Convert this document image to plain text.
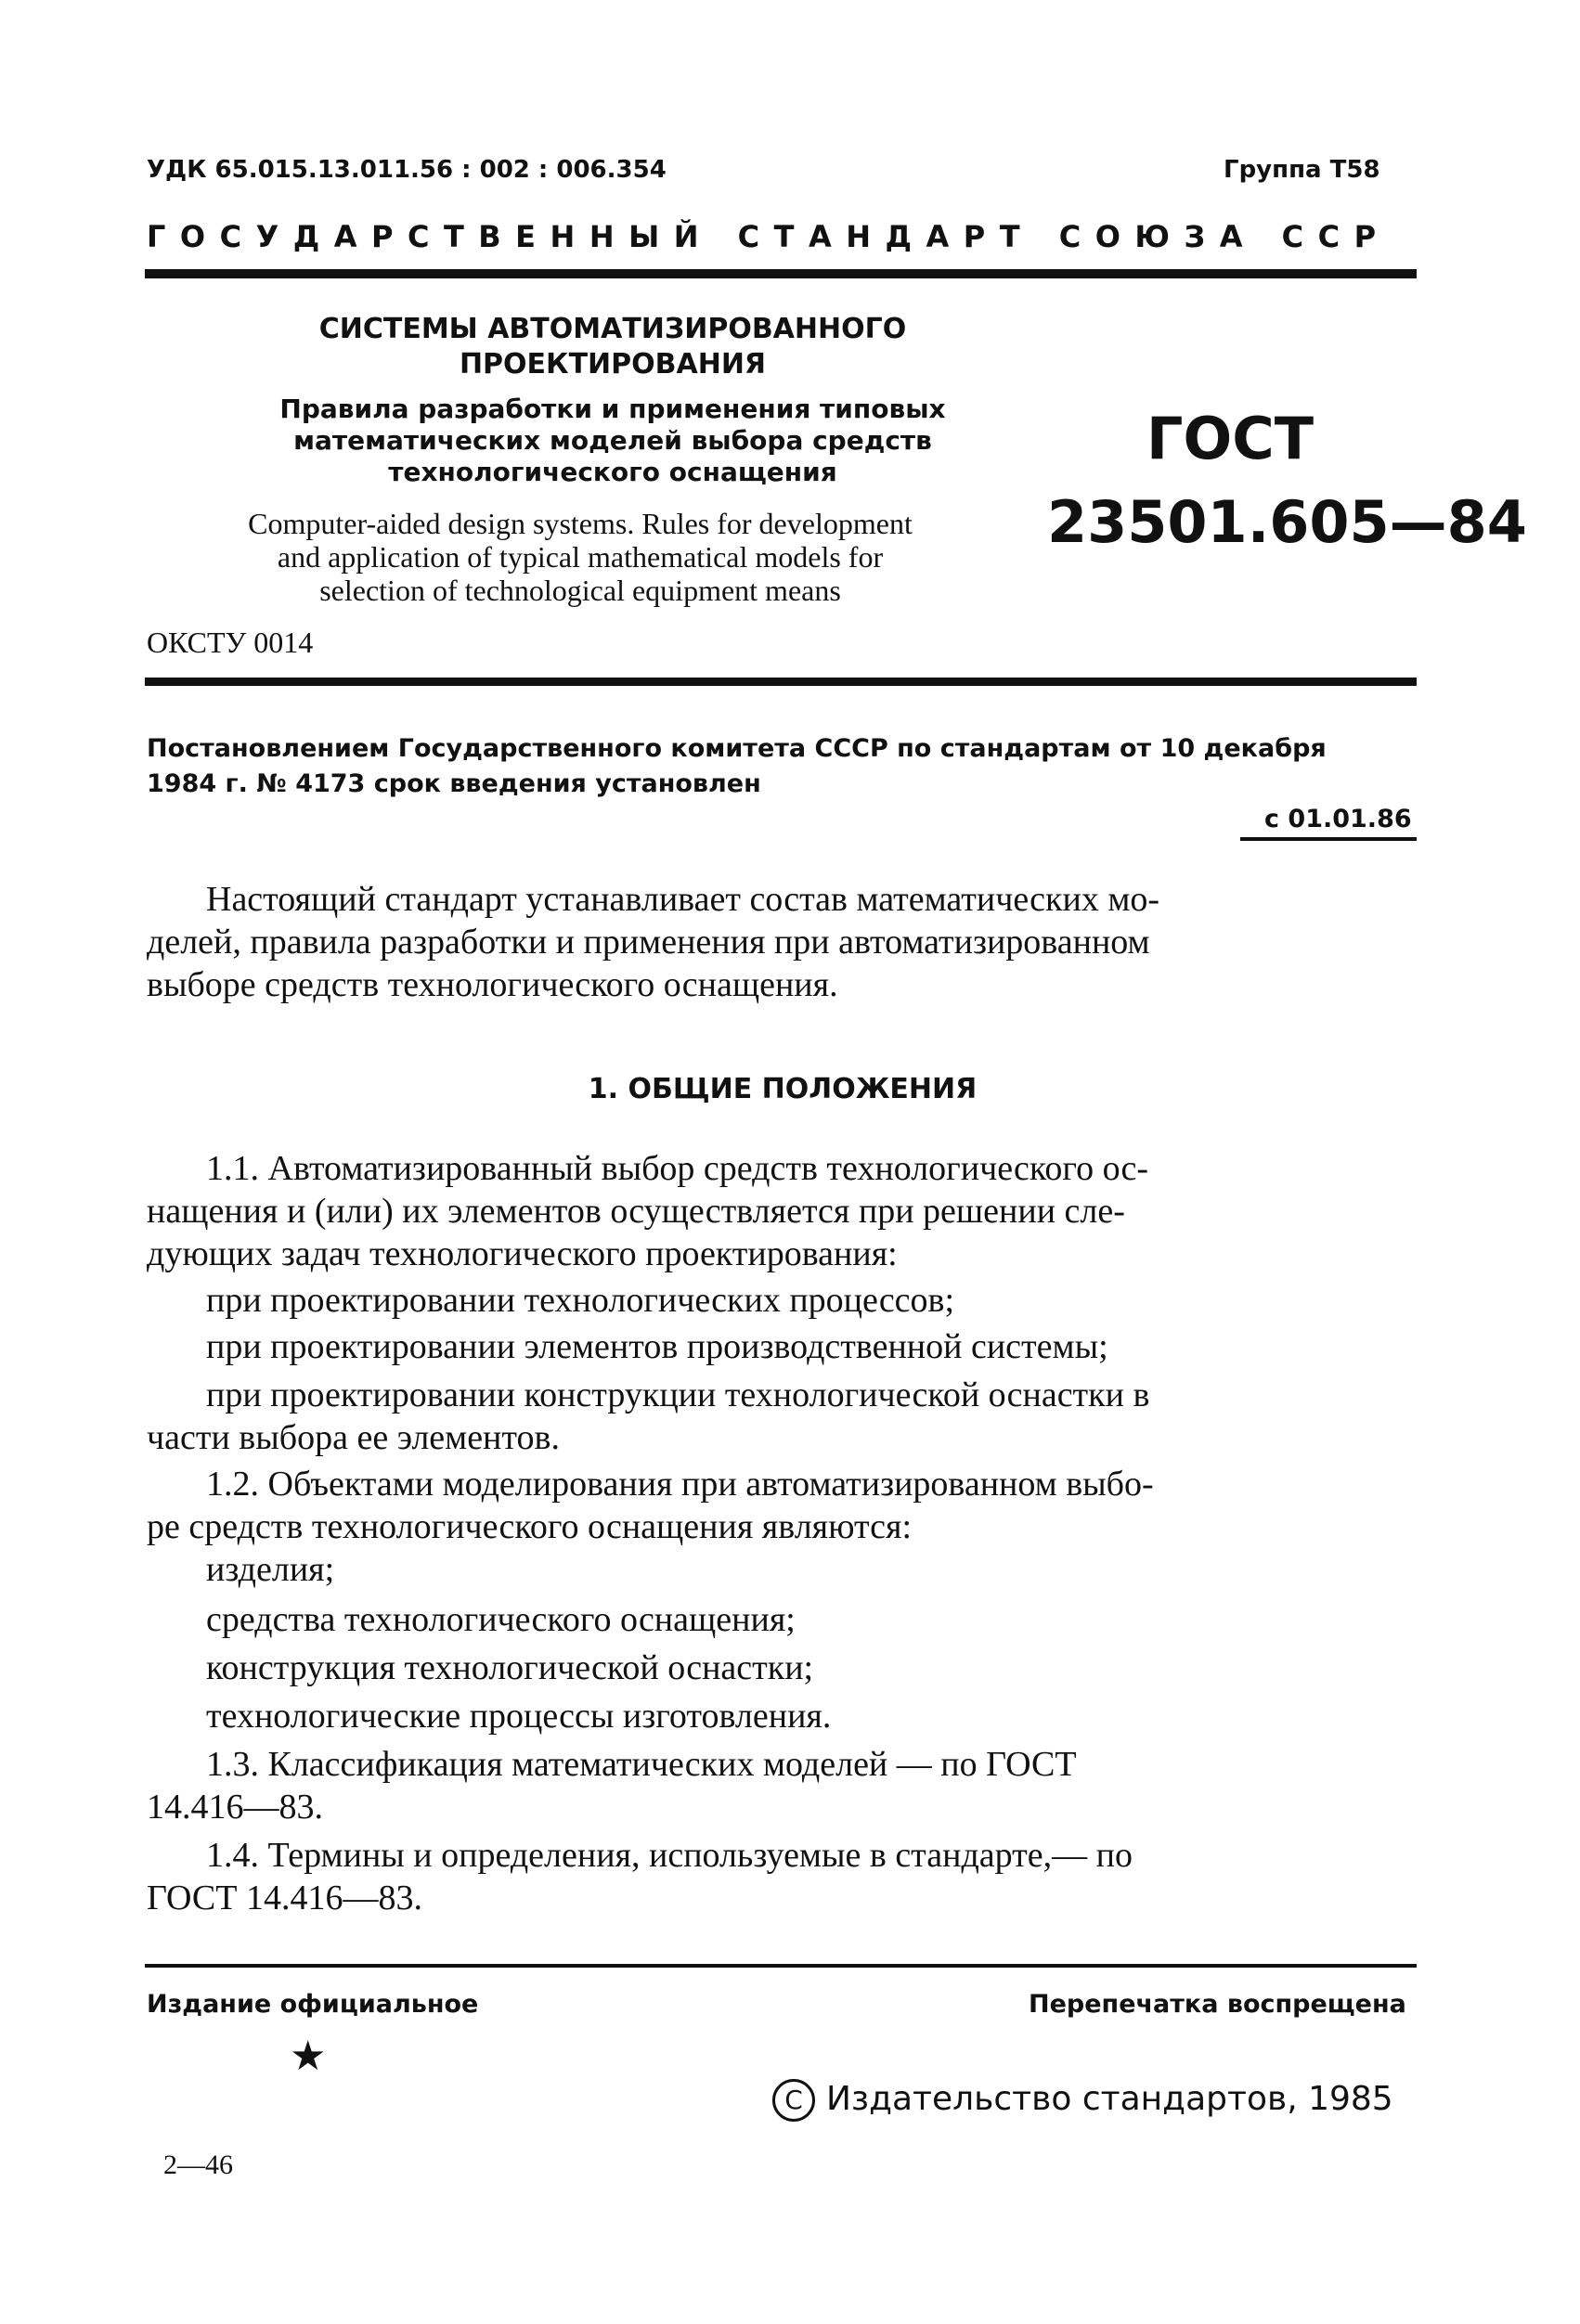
УДК 65.015.13.011.56 : 002 : 006.354	Группа Т58
ГОСУДАРСТВЕННЫЙ СТАНДАРТ СОЮЗА ССР
СИСТЕМЫ АВТОМАТИЗИРОВАННОГО
ПРОЕКТИРОВАНИЯ
Правила разработки и применения типовых
математических моделей выбора средств
технологического оснащения
Computer-aided design systems. Rules for development
and application of typical mathematical models for
selection of technological equipment means
ОКСТУ 0014
ГОСТ
23501.605—84
Постановлением Государственного комитета СССР по стандартам от 10 декабря
1984 г. № 4173 срок введения установлен
с 01.01.86
Настоящий стандарт устанавливает состав математических мо-
делей, правила разработки и применения при автоматизированном
выборе средств технологического оснащения.
1. ОБЩИЕ ПОЛОЖЕНИЯ
1.1. Автоматизированный выбор средств технологического ос-
нащения и (или) их элементов осуществляется при решении сле-
дующих задач технологического проектирования:
при проектировании технологических процессов;
при проектировании элементов производственной системы;
при проектировании конструкции технологической оснастки в
части выбора ее элементов.
1.2. Объектами моделирования при автоматизированном выбо-
ре средств технологического оснащения являются:
изделия;
средства технологического оснащения;
конструкция технологической оснастки;
технологические процессы изготовления.
1.3. Классификация математических моделей — по ГОСТ
14.416—83.
1.4. Термины и определения, используемые в стандарте,— по
ГОСТ 14.416—83.
Издание официальное	Перепечатка воспрещена
★
С Издательство стандартов, 1985
2—46
